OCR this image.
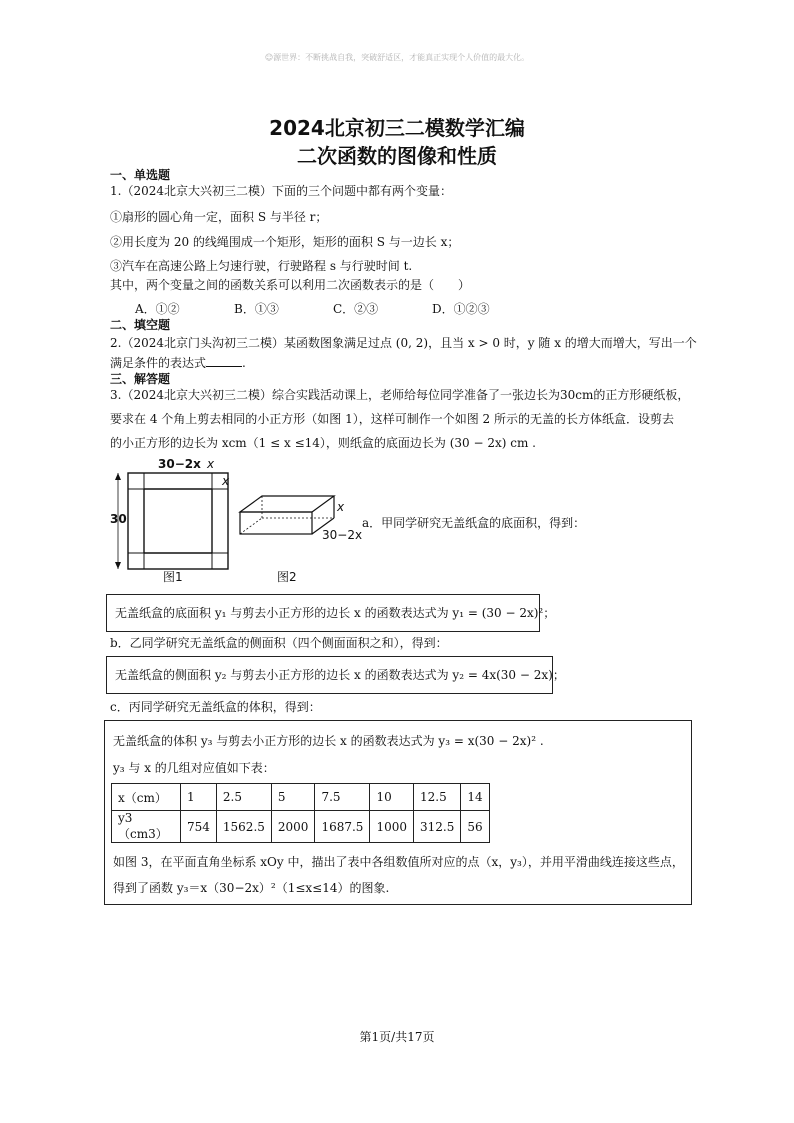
☺源世界：不断挑战自我，突破舒适区，才能真正实现个人价值的最大化。
2024北京初三二模数学汇编
二次函数的图像和性质
一、单选题
1.（2024北京大兴初三二模）下面的三个问题中都有两个变量：
①扇形的圆心角一定，面积 S 与半径 r；
②用长度为 20 的线绳围成一个矩形，矩形的面积 S 与一边长 x；
③汽车在高速公路上匀速行驶，行驶路程 s 与行驶时间 t.
其中，两个变量之间的函数关系可以利用二次函数表示的是（　　）
A．①②	B．①③	C．②③	D．①②③
二、填空题
2.（2024北京门头沟初三二模）某函数图象满足过点 (0, 2)，且当 x > 0 时，y 随 x 的增大而增大，写出一个
满足条件的表达式	.
三、解答题
3.（2024北京大兴初三二模）综合实践活动课上，老师给每位同学准备了一张边长为30cm的正方形硬纸板，
要求在 4 个角上剪去相同的小正方形（如图 1），这样可制作一个如图 2 所示的无盖的长方体纸盒．设剪去
的小正方形的边长为 xcm（1 ≤ x ≤14），则纸盒的底面边长为 (30 − 2x) cm .
30−2x x
x
30
图1
x
30−2x
图2
a．甲同学研究无盖纸盒的底面积，得到：
无盖纸盒的底面积 y₁ 与剪去小正方形的边长 x 的函数表达式为 y₁ = (30 − 2x)²；
b．乙同学研究无盖纸盒的侧面积（四个侧面面积之和），得到：
无盖纸盒的侧面积 y₂ 与剪去小正方形的边长 x 的函数表达式为 y₂ = 4x(30 − 2x)；
c．丙同学研究无盖纸盒的体积，得到：
无盖纸盒的体积 y₃ 与剪去小正方形的边长 x 的函数表达式为 y₃ = x(30 − 2x)² .
y₃ 与 x 的几组对应值如下表：
x（cm）	1	2.5	5	7.5	10	12.5	14
y3（cm3）	754	1562.5	2000	1687.5	1000	312.5	56
如图 3，在平面直角坐标系 xOy 中，描出了表中各组数值所对应的点（x，y₃），并用平滑曲线连接这些点，
得到了函数 y₃＝x（30−2x）²（1≤x≤14）的图象.
第1页/共17页
